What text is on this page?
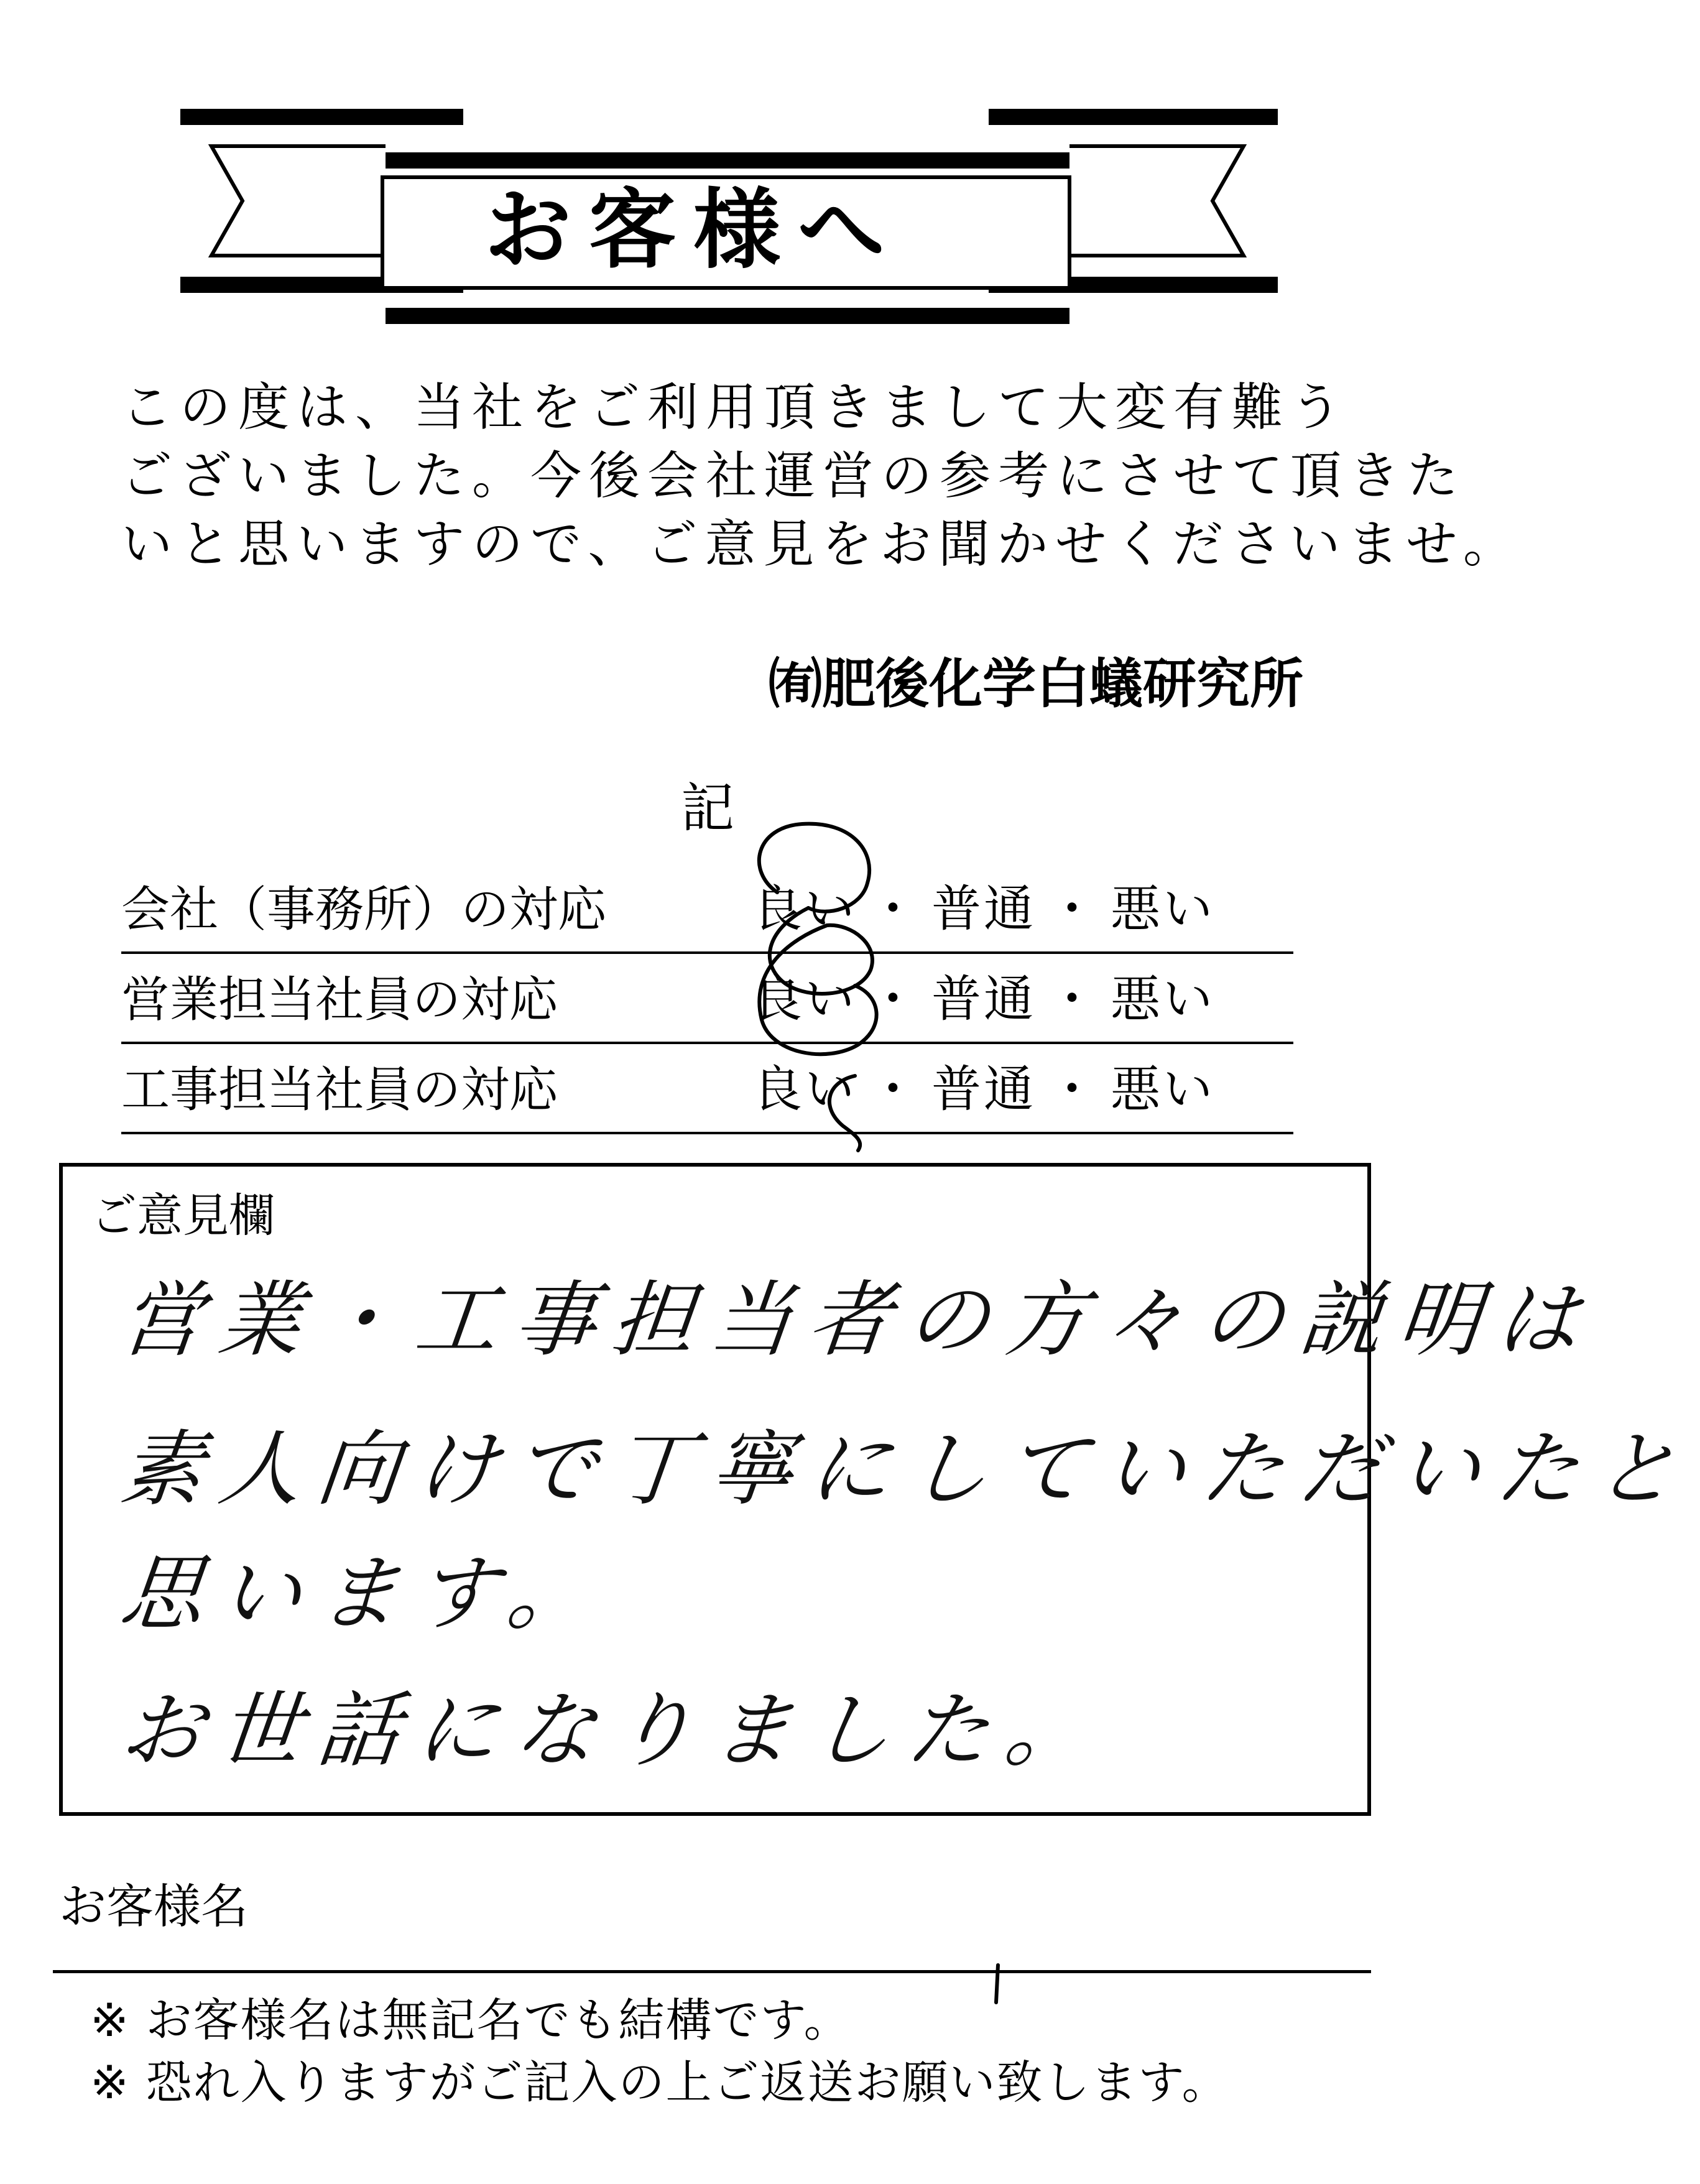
お客様へ
この度は、当社をご利用頂きまして大変有難う
ございました。今後会社運営の参考にさせて頂きた
いと思いますので、ご意見をお聞かせくださいませ。
㈲肥後化学白蟻研究所
記
会社（事務所）の対応	良い ・ 普通 ・ 悪い
営業担当社員の対応	良い ・ 普通 ・ 悪い
工事担当社員の対応	良い ・ 普通 ・ 悪い
ご意見欄
営業・工事担当者の方々の説明は
素人向けで丁寧にしていただいたと
思います。
お世話になりました。
お客様名
※ お客様名は無記名でも結構です。
※ 恐れ入りますがご記入の上ご返送お願い致します。
